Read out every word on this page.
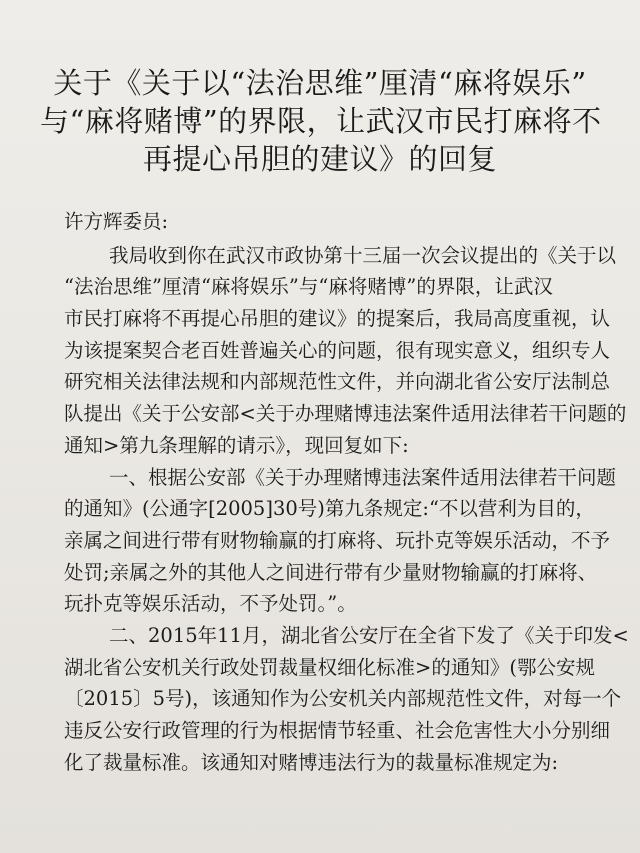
关于《关于以“法治思维”厘清“麻将娱乐”
与“麻将赌博”的界限，让武汉市民打麻将不
再提心吊胆的建议》的回复
许方辉委员:
我局收到你在武汉市政协第十三届一次会议提出的《关于以
“法治思维”厘清“麻将娱乐”与“麻将赌博”的界限，让武汉
市民打麻将不再提心吊胆的建议》的提案后，我局高度重视，认
为该提案契合老百姓普遍关心的问题，很有现实意义，组织专人
研究相关法律法规和内部规范性文件，并向湖北省公安厅法制总
队提出《关于公安部<关于办理赌博违法案件适用法律若干问题的
通知>第九条理解的请示》，现回复如下:
一、根据公安部《关于办理赌博违法案件适用法律若干问题
的通知》(公通字[2005]30号)第九条规定:“不以营利为目的，
亲属之间进行带有财物输赢的打麻将、玩扑克等娱乐活动，不予
处罚;亲属之外的其他人之间进行带有少量财物输赢的打麻将、
玩扑克等娱乐活动，不予处罚。”。
二、2015年11月，湖北省公安厅在全省下发了《关于印发<
湖北省公安机关行政处罚裁量权细化标准>的通知》(鄂公安规
〔2015〕5号)，该通知作为公安机关内部规范性文件，对每一个
违反公安行政管理的行为根据情节轻重、社会危害性大小分别细
化了裁量标准。该通知对赌博违法行为的裁量标准规定为:
